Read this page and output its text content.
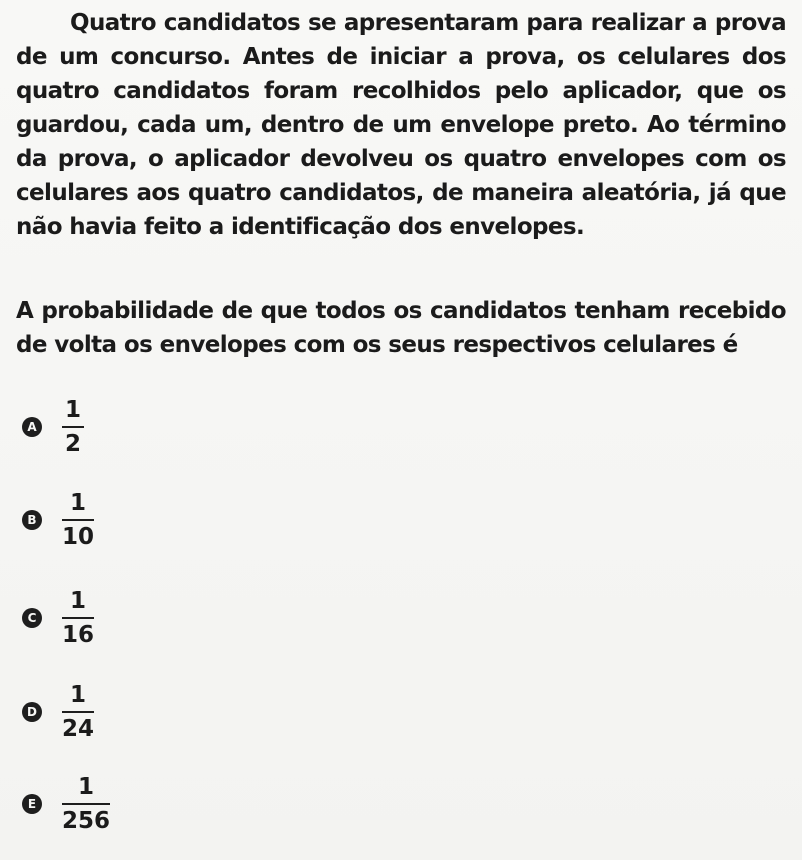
Quatro candidatos se apresentaram para realizar a prova de um concurso. Antes de iniciar a prova, os celulares dos quatro candidatos foram recolhidos pelo aplicador, que os guardou, cada um, dentro de um envelope preto. Ao término da prova, o aplicador devolveu os quatro envelopes com os celulares aos quatro candidatos, de maneira aleatória, já que não havia feito a identificação dos envelopes.

A probabilidade de que todos os candidatos tenham recebido de volta os envelopes com os seus respectivos celulares é

A $\frac{1}{2}$
B $\frac{1}{10}$
C $\frac{1}{16}$
D $\frac{1}{24}$
E $\frac{1}{256}$
